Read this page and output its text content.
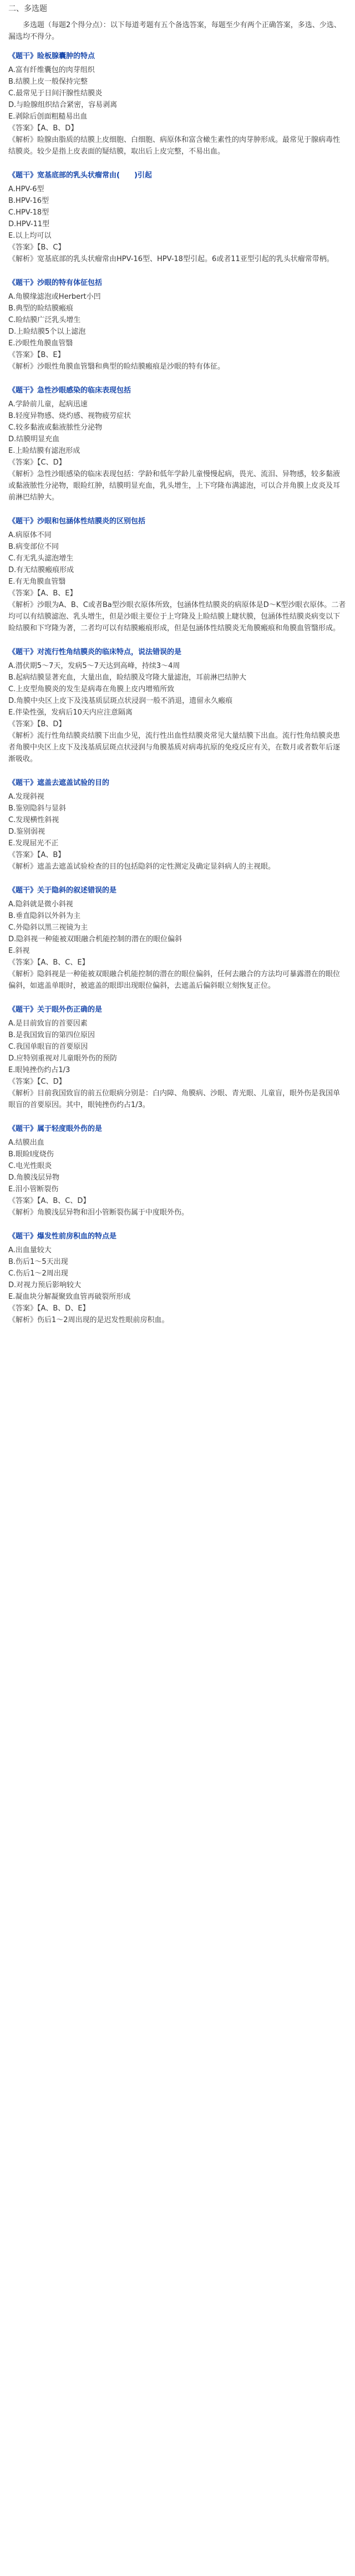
二、多选题

多选题（每题2个得分点）：以下每道考题有五个备选答案，每题至少有两个正确答案，多选、少选、漏选均不得分。

《题干》睑板腺囊肿的特点

A.富有纤维囊包的肉芽组织

B.结膜上皮一般保持完整

C.最常见于日间汗腺性结膜炎

D.与睑腺组织结合紧密，容易剥离

E.剥除后创面粗糙易出血

《答案》【A、B、D】

《解析》睑腺由脂质的结膜上皮细胞、白细胞、病原体和富含橄生素性的肉芽肿形成。最常见于腺病毒性结膜炎。较少是指上皮表面的疑结膜，取出后上皮完整，不易出血。

《题干》宽基底部的乳头状瘤常由(　　)引起

A.HPV-6型

B.HPV-16型

C.HPV-18型

D.HPV-11型

E.以上均可以

《答案》【B、C】

《解析》宽基底部的乳头状瘤常由HPV-16型、HPV-18型引起。6或者11亚型引起的乳头状瘤常带柄。

《题干》沙眼的特有体征包括

A.角膜缘滤泡或Herbert小凹

B.典型的睑结膜瘢痕

C.睑结膜广泛乳头增生

D.上睑结膜5个以上滤泡

E.沙眼性角膜血管翳

《答案》【B、E】

《解析》沙眼性角膜血管翳和典型的睑结膜瘢痕是沙眼的特有体征。

《题干》急性沙眼感染的临床表现包括

A.学龄前儿童，起病迅速

B.轻度异物感、烧灼感、视物疲劳症状

C.较多黏液或黏液脓性分泌物

D.结膜明显充血

E.上睑结膜有滤泡形成

《答案》【C、D】

《解析》急性沙眼感染的临床表现包括：学龄和低年学龄儿童慢慢起病，畏光、流泪、异物感，较多黏液或黏液脓性分泌物，眼睑红肿，结膜明显充血，乳头增生，上下穹隆布满滤泡，可以合并角膜上皮炎及耳前淋巴结肿大。

《题干》沙眼和包涵体性结膜炎的区别包括

A.病原体不同

B.病变部位不同

C.有无乳头滤泡增生

D.有无结膜瘢痕形成

E.有无角膜血管翳

《答案》【A、B、E】

《解析》沙眼为A、B、C或者Ba型沙眼衣原体所致，包涵体性结膜炎的病原体是D～K型沙眼衣原体。二者均可以有结膜滤泡、乳头增生，但是沙眼主要位于上穹隆及上睑结膜上睫状膜，包涵体性结膜炎病变以下睑结膜和下穹隆为著，二者均可以有结膜瘢痕形成，但是包涵体性结膜炎无角膜瘢痕和角膜血管翳形成。

《题干》对流行性角结膜炎的临床特点，说法错误的是

A.潜伏期5～7天，发病5～7天达到高峰，持续3～4周

B.起病结膜显著充血，大量出血，睑结膜及穹隆大量滤泡，耳前淋巴结肿大

C.上皮型角膜炎的发生是病毒在角膜上皮内增殖所致

D.角膜中央区上皮下及浅基质层斑点状浸润一般不消退，遗留永久瘢痕

E.伴染性强，发病后10天内应注意隔离

《答案》【B、D】

《解析》流行性角结膜炎结膜下出血少见，流行性出血性结膜炎常见大量结膜下出血。流行性角结膜炎患者角膜中央区上皮下及浅基质层斑点状浸润与角膜基质对病毒抗原的免疫反应有关，在数月或者数年后逐渐吸收。

《题干》遮盖去遮盖试验的目的

A.发现斜视

B.鉴别隐斜与显斜

C.发现横性斜视

D.鉴别弱视

E.发现屈光不正

《答案》【A、B】

《解析》遮盖去遮盖试验检查的目的包括隐斜的定性测定及确定显斜病人的主视眼。

《题干》关于隐斜的叙述错误的是

A.隐斜就是微小斜视

B.垂直隐斜以外斜为主

C.外隐斜以黑三视镜为主

D.隐斜视一种能被双眼融合机能控制的潜在的眼位偏斜

E.斜视

《答案》【A、B、C、E】

《解析》隐斜视是一种能被双眼融合机能控制的潜在的眼位偏斜，任何去融合的方法均可暴露潜在的眼位偏斜，如遮盖单眼时，被遮盖的眼即出现眼位偏斜，去遮盖后偏斜眼立刻恢复正位。

《题干》关于眼外伤正确的是

A.是目前致盲的首要因素

B.是我国致盲的第四位原因

C.我国单眼盲的首要原因

D.应特别重视对儿童眼外伤的预防

E.眼钝挫伤约占1/3

《答案》【C、D】

《解析》目前我国致盲的前五位眼病分别是：白内障、角膜病、沙眼、青光眼、儿童盲，眼外伤是我国单眼盲的首要原因。其中，眼钝挫伤约占1/3。

《题干》属于轻度眼外伤的是

A.结膜出血

B.眼睑Ⅰ度烧伤

C.电光性眼炎

D.角膜浅层异物

E.泪小管断裂伤

《答案》【A、B、C、D】

《解析》角膜浅层异物和泪小管断裂伤属于中度眼外伤。

《题干》爆发性前房积血的特点是

A.出血量较大

B.伤后1～5天出现

C.伤后1～2周出现

D.对视力预后影响较大

E.凝血块分解凝聚致血管再破裂所形成

《答案》【A、B、D、E】

《解析》伤后1～2周出现的是迟发性眼前房积血。
